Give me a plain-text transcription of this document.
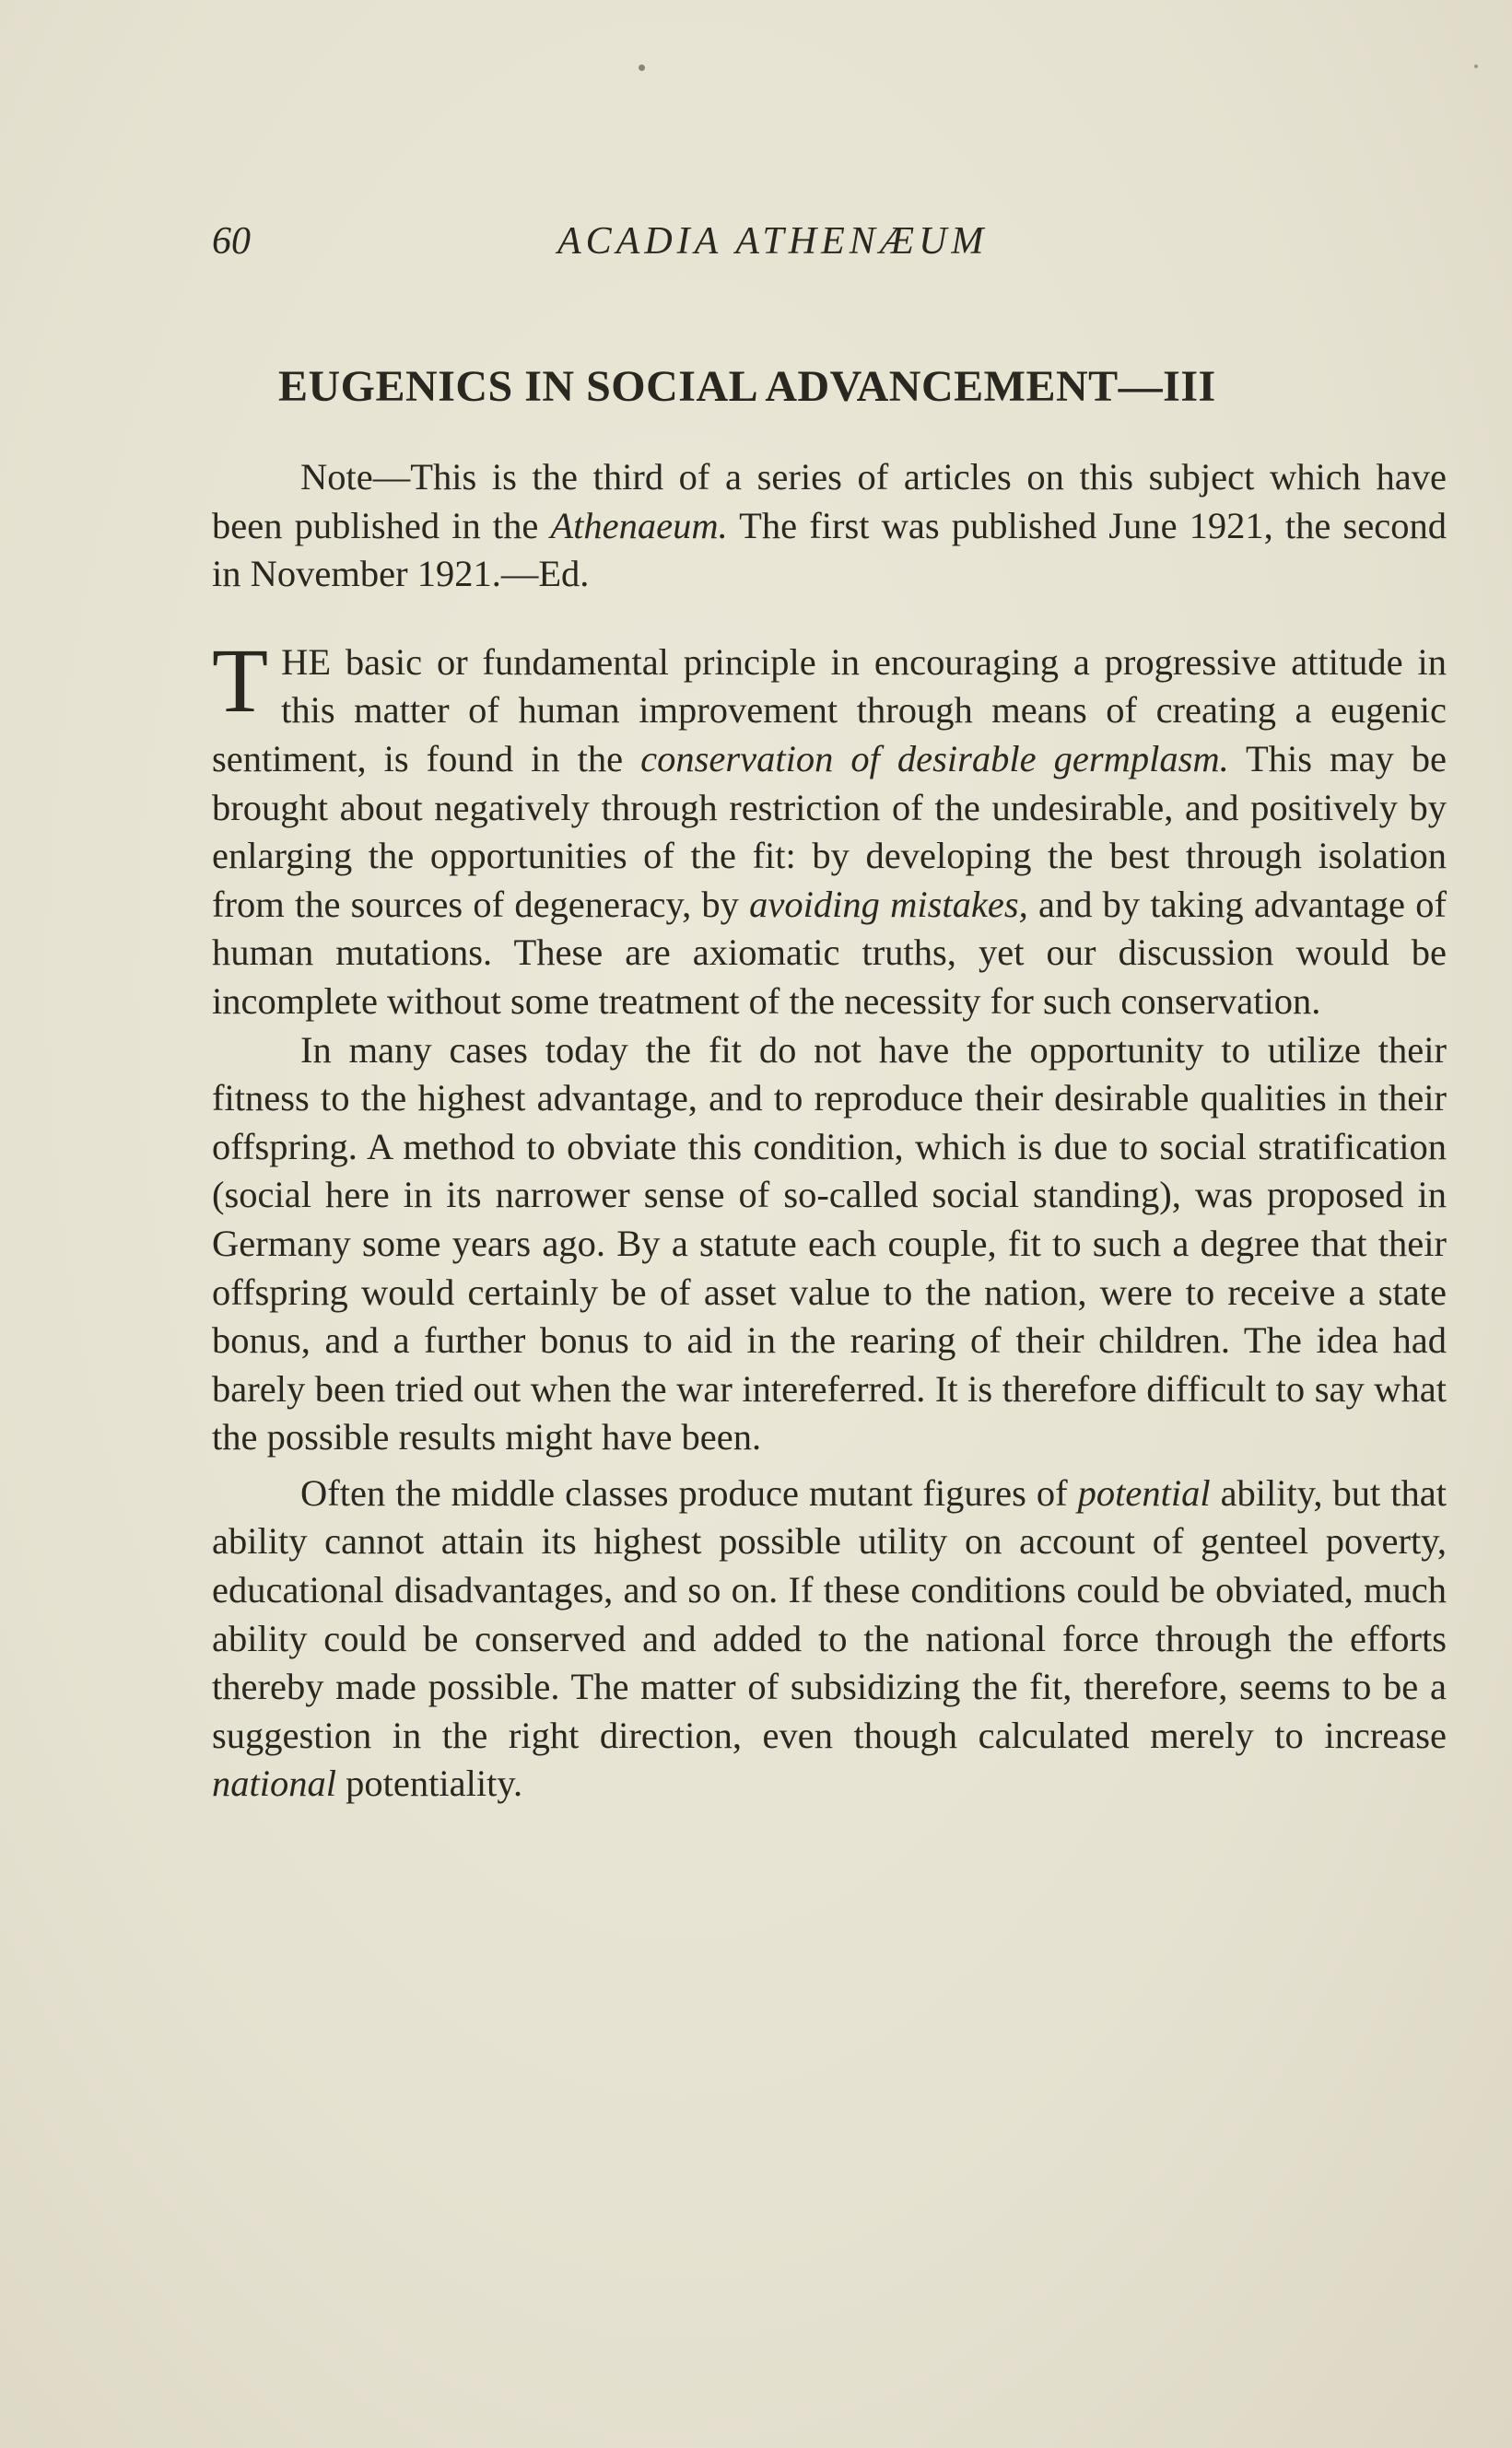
60	ACADIA ATHENÆUM
EUGENICS IN SOCIAL ADVANCEMENT—III

Note—This is the third of a series of articles on this subject which have been published in the Athenaeum. The first was published June 1921, the second in November 1921.—Ed.

THE basic or fundamental principle in encouraging a progressive attitude in this matter of human improvement through means of creating a eugenic sentiment, is found in the conservation of desirable germplasm. This may be brought about negatively through restriction of the undesirable, and positively by enlarging the opportunities of the fit: by developing the best through isolation from the sources of degeneracy, by avoiding mistakes, and by taking advantage of human mutations. These are axiomatic truths, yet our discussion would be incomplete without some treatment of the necessity for such conservation.

In many cases today the fit do not have the opportunity to utilize their fitness to the highest advantage, and to reproduce their desirable qualities in their offspring. A method to obviate this condition, which is due to social stratification (social here in its narrower sense of so-called social standing), was proposed in Germany some years ago. By a statute each couple, fit to such a degree that their offspring would certainly be of asset value to the nation, were to receive a state bonus, and a further bonus to aid in the rearing of their children. The idea had barely been tried out when the war intereferred. It is therefore difficult to say what the possible results might have been.

Often the middle classes produce mutant figures of potential ability, but that ability cannot attain its highest possible utility on account of genteel poverty, educational disadvantages, and so on. If these conditions could be obviated, much ability could be conserved and added to the national force through the efforts thereby made possible. The matter of subsidizing the fit, therefore, seems to be a suggestion in the right direction, even though calculated merely to increase national potentiality.
